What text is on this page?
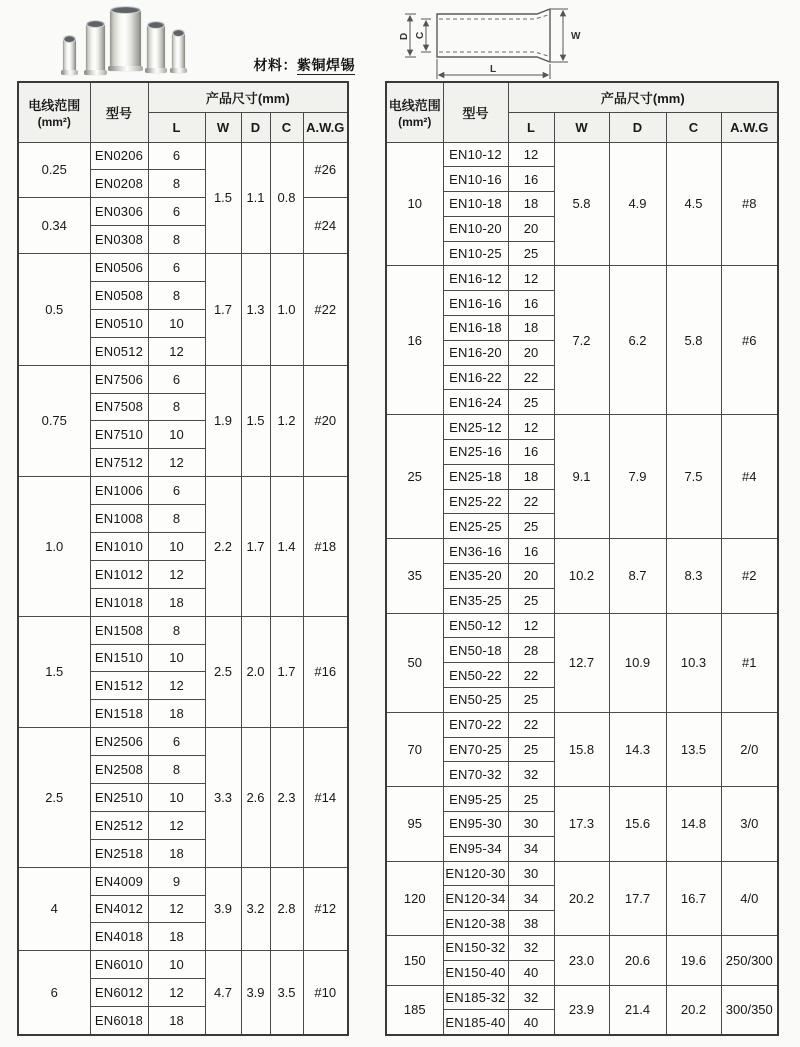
材料：紫铜焊锡
D C	W
L
电线范围
(mm²)	型号	产品尺寸(mm)				
		L	W	D	C	A.W.G
0.25	EN0206	6	1.5	1.1	0.8	#26
	EN0208	8				
0.34	EN0306	6				#24
	EN0308	8				
0.5	EN0506	6	1.7	1.3	1.0	#22
	EN0508	8				
	EN0510	10				
	EN0512	12				
0.75	EN7506	6	1.9	1.5	1.2	#20
	EN7508	8				
	EN7510	10				
	EN7512	12				
1.0	EN1006	6	2.2	1.7	1.4	#18
	EN1008	8				
	EN1010	10				
	EN1012	12				
	EN1018	18				
1.5	EN1508	8	2.5	2.0	1.7	#16
	EN1510	10				
	EN1512	12				
	EN1518	18				
2.5	EN2506	6	3.3	2.6	2.3	#14
	EN2508	8				
	EN2510	10				
	EN2512	12				
	EN2518	18				
4	EN4009	9	3.9	3.2	2.8	#12
	EN4012	12				
	EN4018	18				
6	EN6010	10	4.7	3.9	3.5	#10
	EN6012	12				
	EN6018	18				
电线范围
(mm²)	型号	产品尺寸(mm)				
		L	W	D	C	A.W.G
10	EN10-12	12	5.8	4.9	4.5	#8
	EN10-16	16				
	EN10-18	18				
	EN10-20	20				
	EN10-25	25				
16	EN16-12	12	7.2	6.2	5.8	#6
	EN16-16	16				
	EN16-18	18				
	EN16-20	20				
	EN16-22	22				
	EN16-24	25				
25	EN25-12	12	9.1	7.9	7.5	#4
	EN25-16	16				
	EN25-18	18				
	EN25-22	22				
	EN25-25	25				
35	EN36-16	16	10.2	8.7	8.3	#2
	EN35-20	20				
	EN35-25	25				
50	EN50-12	12	12.7	10.9	10.3	#1
	EN50-18	28				
	EN50-22	22				
	EN50-25	25				
70	EN70-22	22	15.8	14.3	13.5	2/0
	EN70-25	25				
	EN70-32	32				
95	EN95-25	25	17.3	15.6	14.8	3/0
	EN95-30	30				
	EN95-34	34				
120	EN120-30	30	20.2	17.7	16.7	4/0
	EN120-34	34				
	EN120-38	38				
150	EN150-32	32	23.0	20.6	19.6	250/300
	EN150-40	40				
185	EN185-32	32	23.9	21.4	20.2	300/350
	EN185-40	40				
